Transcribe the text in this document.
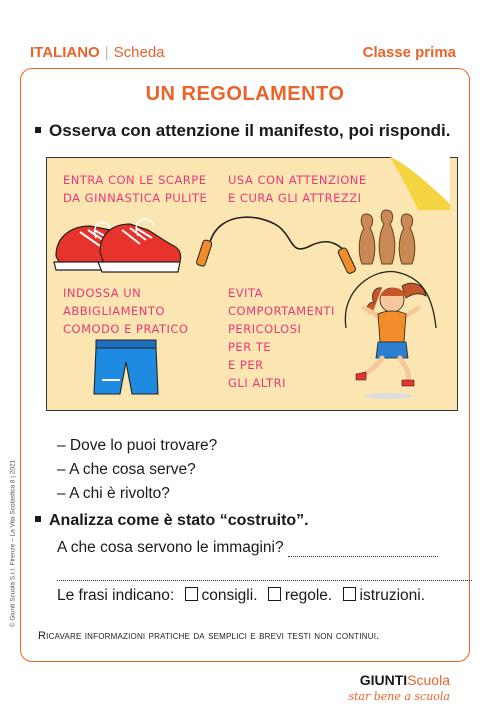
ITALIANO | Scheda	Classe prima
© Giunti Scuola S.r.l. Firenze – La Vita Scolastica 8 | 2021
UN REGOLAMENTO
Osserva con attenzione il manifesto, poi rispondi.
– Dove lo puoi trovare?
– A che cosa serve?
– A chi è rivolto?
Analizza come è stato “costruito”.
A che cosa servono le immagini?
Le frasi indicano: consigli. regole. istruzioni.
ENTRA CON LE SCARPE
DA GINNASTICA PULITE
USA CON ATTENZIONE
E CURA GLI ATTREZZI
INDOSSA UN
ABBIGLIAMENTO
COMODO E PRATICO
EVITA
COMPORTAMENTI
PERICOLOSI
PER TE
E PER
GLI ALTRI
Ricavare informazioni pratiche da semplici e brevi testi non continui.
GIUNTIScuola
star bene a scuola
